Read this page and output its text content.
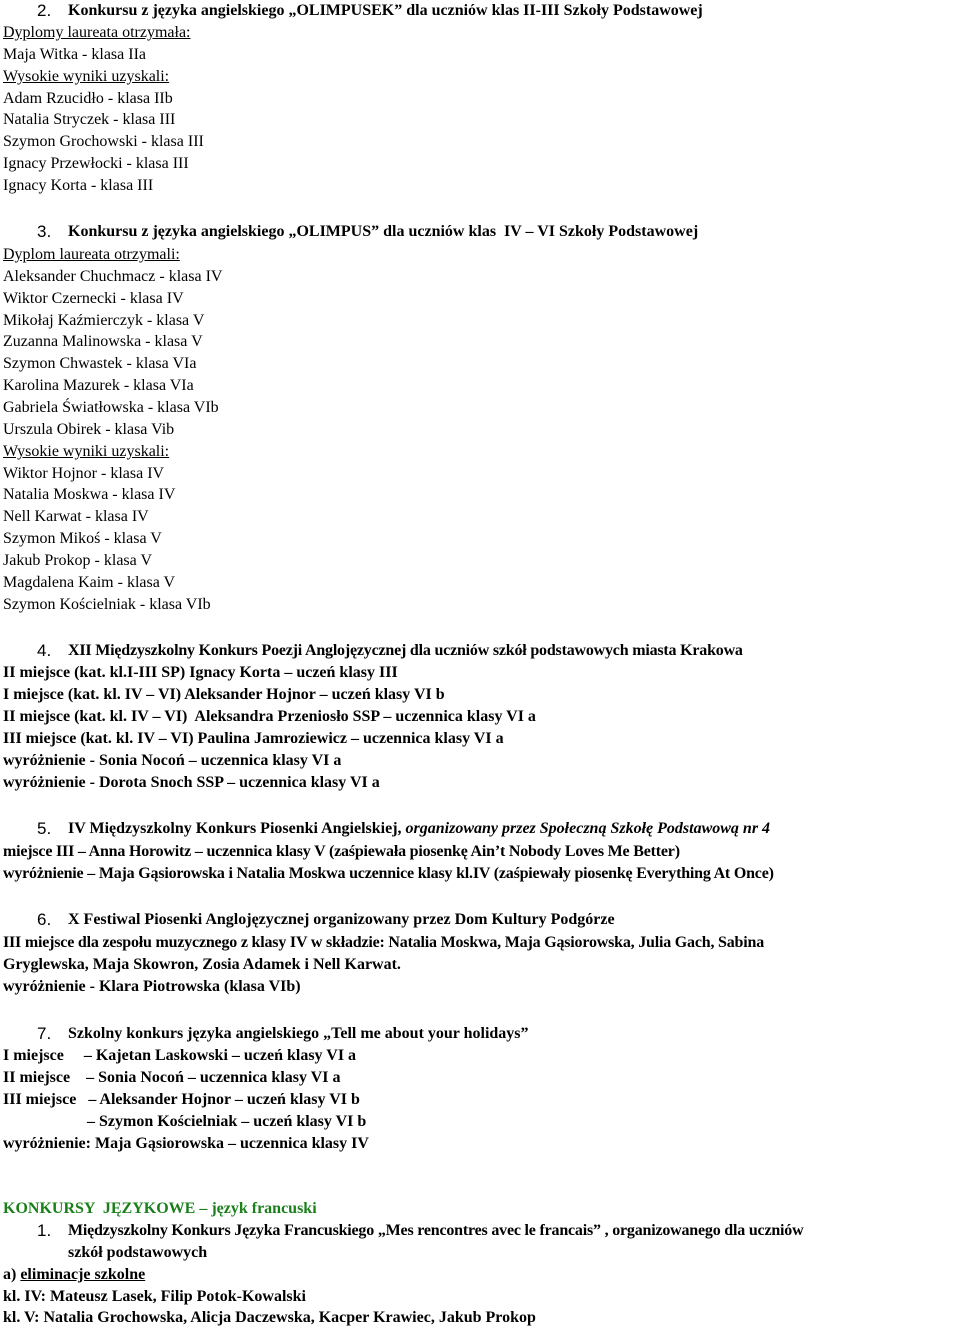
2. Konkursu z języka angielskiego „OLIMPUSEK” dla uczniów klas II-III Szkoły Podstawowej
Dyplomy laureata otrzymała:
Maja Witka - klasa IIa
Wysokie wyniki uzyskali:
Adam Rzucidło - klasa IIb
Natalia Stryczek - klasa III
Szymon Grochowski - klasa III
Ignacy Przewłocki - klasa III
Ignacy Korta - klasa III
3. Konkursu z języka angielskiego „OLIMPUS” dla uczniów klas  IV – VI Szkoły Podstawowej
Dyplom laureata otrzymali:
Aleksander Chuchmacz - klasa IV
Wiktor Czernecki - klasa IV
Mikołaj Kaźmierczyk - klasa V
Zuzanna Malinowska - klasa V
Szymon Chwastek - klasa VIa
Karolina Mazurek - klasa VIa
Gabriela Światłowska - klasa VIb
Urszula Obirek - klasa Vib
Wysokie wyniki uzyskali:
Wiktor Hojnor - klasa IV
Natalia Moskwa - klasa IV
Nell Karwat - klasa IV
Szymon Mikoś - klasa V
Jakub Prokop - klasa V
Magdalena Kaim - klasa V
Szymon Kościelniak - klasa VIb
4. XII Międzyszkolny Konkurs Poezji Anglojęzycznej dla uczniów szkół podstawowych miasta Krakowa
II miejsce (kat. kl.I-III SP) Ignacy Korta – uczeń klasy III
I miejsce (kat. kl. IV – VI) Aleksander Hojnor – uczeń klasy VI b
II miejsce (kat. kl. IV – VI)  Aleksandra Przeniosło SSP – uczennica klasy VI a
III miejsce (kat. kl. IV – VI) Paulina Jamroziewicz – uczennica klasy VI a
wyróżnienie - Sonia Nocoń – uczennica klasy VI a
wyróżnienie - Dorota Snoch SSP – uczennica klasy VI a
5. IV Międzyszkolny Konkurs Piosenki Angielskiej, organizowany przez Społeczną Szkołę Podstawową nr 4
miejsce III – Anna Horowitz – uczennica klasy V (zaśpiewała piosenkę Ain’t Nobody Loves Me Better)
wyróżnienie – Maja Gąsiorowska i Natalia Moskwa uczennice klasy kl.IV (zaśpiewały piosenkę Everything At Once)
6. X Festiwal Piosenki Anglojęzycznej organizowany przez Dom Kultury Podgórze
III miejsce dla zespołu muzycznego z klasy IV w składzie: Natalia Moskwa, Maja Gąsiorowska, Julia Gach, Sabina
Gryglewska, Maja Skowron, Zosia Adamek i Nell Karwat.
wyróżnienie - Klara Piotrowska (klasa VIb)
7. Szkolny konkurs języka angielskiego „Tell me about your holidays”
I miejsce     – Kajetan Laskowski – uczeń klasy VI a
II miejsce    – Sonia Nocoń – uczennica klasy VI a
III miejsce   – Aleksander Hojnor – uczeń klasy VI b
– Szymon Kościelniak – uczeń klasy VI b
wyróżnienie: Maja Gąsiorowska – uczennica klasy IV
KONKURSY  JĘZYKOWE – język francuski
1. Międzyszkolny Konkurs Języka Francuskiego „Mes rencontres avec le francais” , organizowanego dla uczniów
szkół podstawowych
a) eliminacje szkolne
kl. IV: Mateusz Lasek, Filip Potok-Kowalski
kl. V: Natalia Grochowska, Alicja Daczewska, Kacper Krawiec, Jakub Prokop
